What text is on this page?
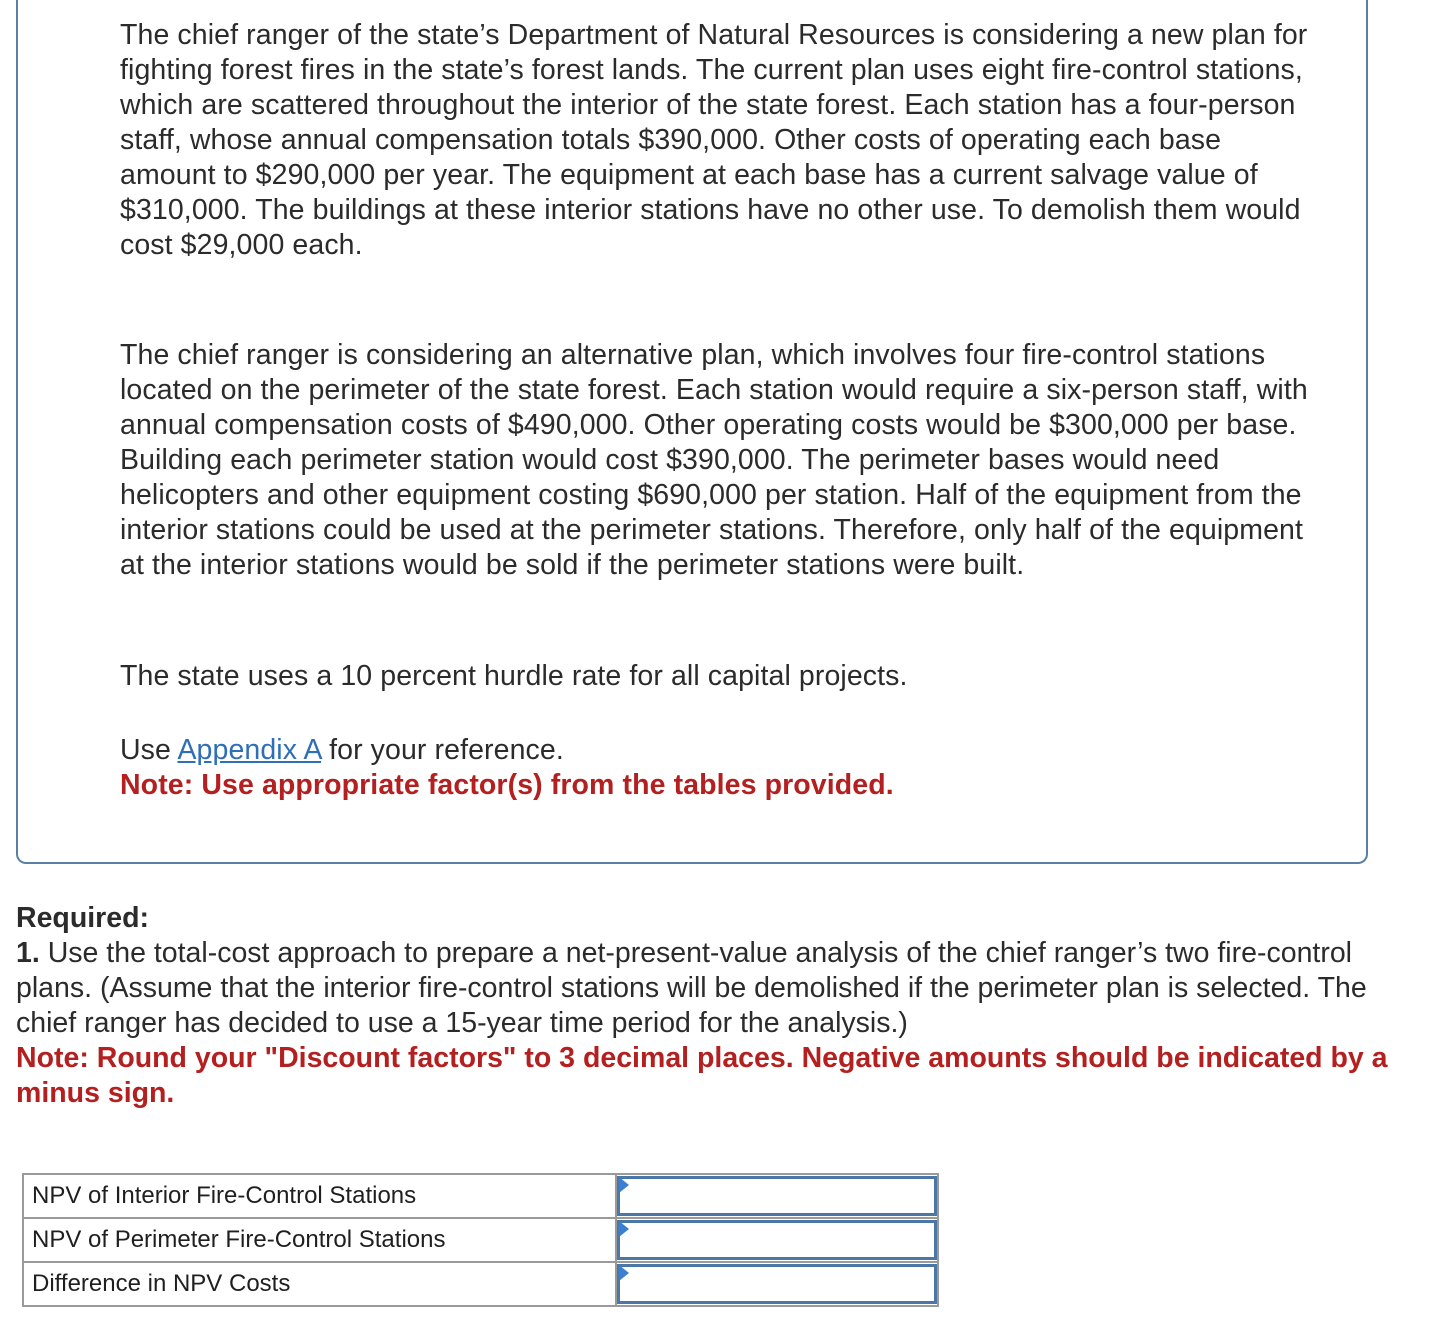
The chief ranger of the state’s Department of Natural Resources is considering a new plan for fighting forest fires in the state’s forest lands. The current plan uses eight fire-control stations, which are scattered throughout the interior of the state forest. Each station has a four-person staff, whose annual compensation totals $390,000. Other costs of operating each base amount to $290,000 per year. The equipment at each base has a current salvage value of $310,000. The buildings at these interior stations have no other use. To demolish them would cost $29,000 each.

The chief ranger is considering an alternative plan, which involves four fire-control stations located on the perimeter of the state forest. Each station would require a six-person staff, with annual compensation costs of $490,000. Other operating costs would be $300,000 per base. Building each perimeter station would cost $390,000. The perimeter bases would need helicopters and other equipment costing $690,000 per station. Half of the equipment from the interior stations could be used at the perimeter stations. Therefore, only half of the equipment at the interior stations would be sold if the perimeter stations were built.

The state uses a 10 percent hurdle rate for all capital projects.

Use Appendix A for your reference.

Note: Use appropriate factor(s) from the tables provided.

Required:
1. Use the total-cost approach to prepare a net-present-value analysis of the chief ranger’s two fire-control plans. (Assume that the interior fire-control stations will be demolished if the perimeter plan is selected. The chief ranger has decided to use a 15-year time period for the analysis.)
Note: Round your "Discount factors" to 3 decimal places. Negative amounts should be indicated by a minus sign.
NPV of Interior Fire-Control Stations	

NPV of Perimeter Fire-Control Stations	

Difference in NPV Costs	
